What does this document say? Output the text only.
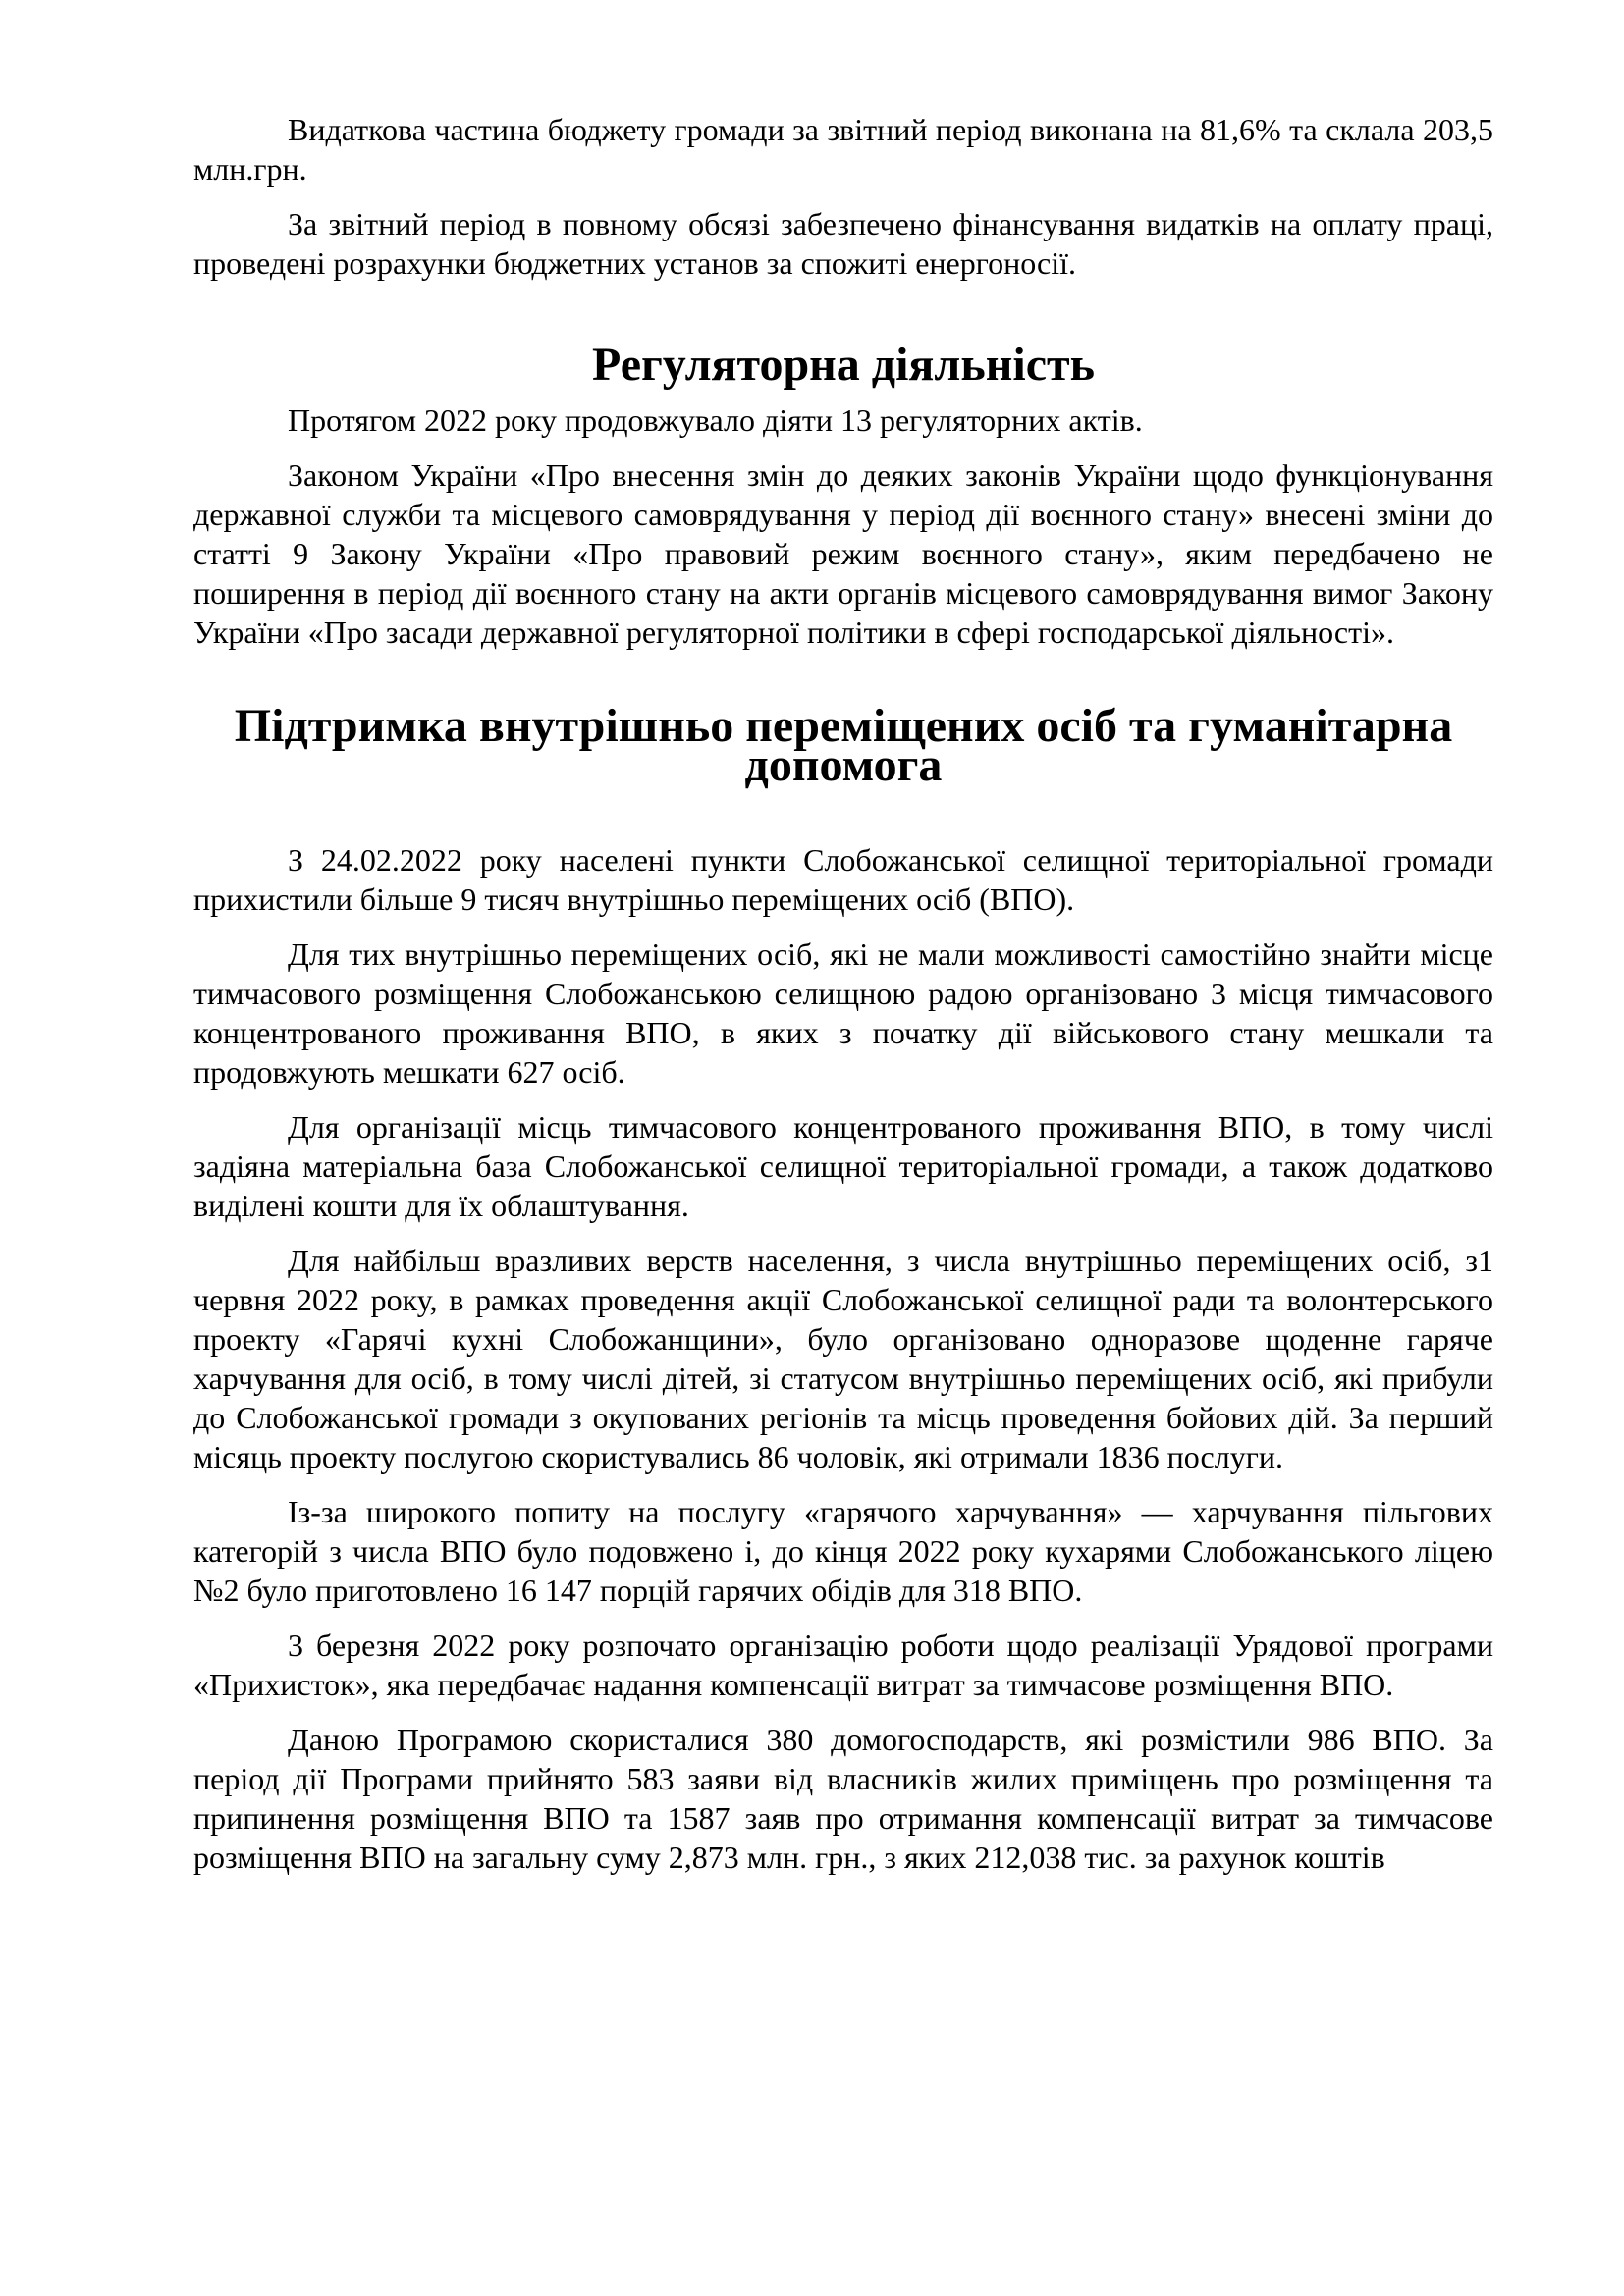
Видаткова частина бюджету громади за звітний період виконана на 81,6% та склала 203,5 млн.грн.

За звітний період в повному обсязі забезпечено фінансування видатків на оплату праці, проведені розрахунки бюджетних установ за спожиті енергоносії.

Регуляторна діяльність

Протягом 2022 року продовжувало діяти 13 регуляторних актів.

Законом України «Про внесення змін до деяких законів України щодо функціонування державної служби та місцевого самоврядування у період дії воєнного стану» внесені зміни до статті 9 Закону України «Про правовий режим воєнного стану», яким передбачено не поширення в період дії воєнного стану на акти органів місцевого самоврядування вимог Закону України «Про засади державної регуляторної політики в сфері господарської діяльності».

Підтримка внутрішньо переміщених осіб та гуманітарна допомога

З 24.02.2022 року населені пункти Слобожанської селищної територіальної громади прихистили більше 9 тисяч внутрішньо переміщених осіб (ВПО).

Для тих внутрішньо переміщених осіб, які не мали можливості самостійно знайти місце тимчасового розміщення Слобожанською селищною радою організовано 3 місця тимчасового концентрованого проживання ВПО, в яких з початку дії військового стану мешкали та продовжують мешкати 627 осіб.

Для організації місць тимчасового концентрованого проживання ВПО, в тому числі задіяна матеріальна база Слобожанської селищної територіальної громади, а також додатково виділені кошти для їх облаштування.

Для найбільш вразливих верств населення, з числа внутрішньо переміщених осіб, з1 червня 2022 року, в рамках проведення акції Слобожанської селищної ради та волонтерського проекту «Гарячі кухні Слобожанщини», було організовано одноразове щоденне гаряче харчування для осіб, в тому числі дітей, зі статусом внутрішньо переміщених осіб, які прибули до Слобожанської громади з окупованих регіонів та місць проведення бойових дій. За перший місяць проекту послугою скористувались 86 чоловік, які отримали 1836 послуги.

Із-за широкого попиту на послугу «гарячого харчування» — харчування пільгових категорій з числа ВПО було подовжено і, до кінця 2022 року кухарями Слобожанського ліцею №2 було приготовлено 16 147 порцій гарячих обідів для 318 ВПО.

3 березня 2022 року розпочато організацію роботи щодо реалізації Урядової програми «Прихисток», яка передбачає надання компенсації витрат за тимчасове розміщення ВПО.

Даною Програмою скористалися 380 домогосподарств, які розмістили 986 ВПО. За період дії Програми прийнято 583 заяви від власників жилих приміщень про розміщення та припинення розміщення ВПО та 1587 заяв про отримання компенсації витрат за тимчасове розміщення ВПО на загальну суму 2,873 млн. грн., з яких 212,038 тис. за рахунок коштів
